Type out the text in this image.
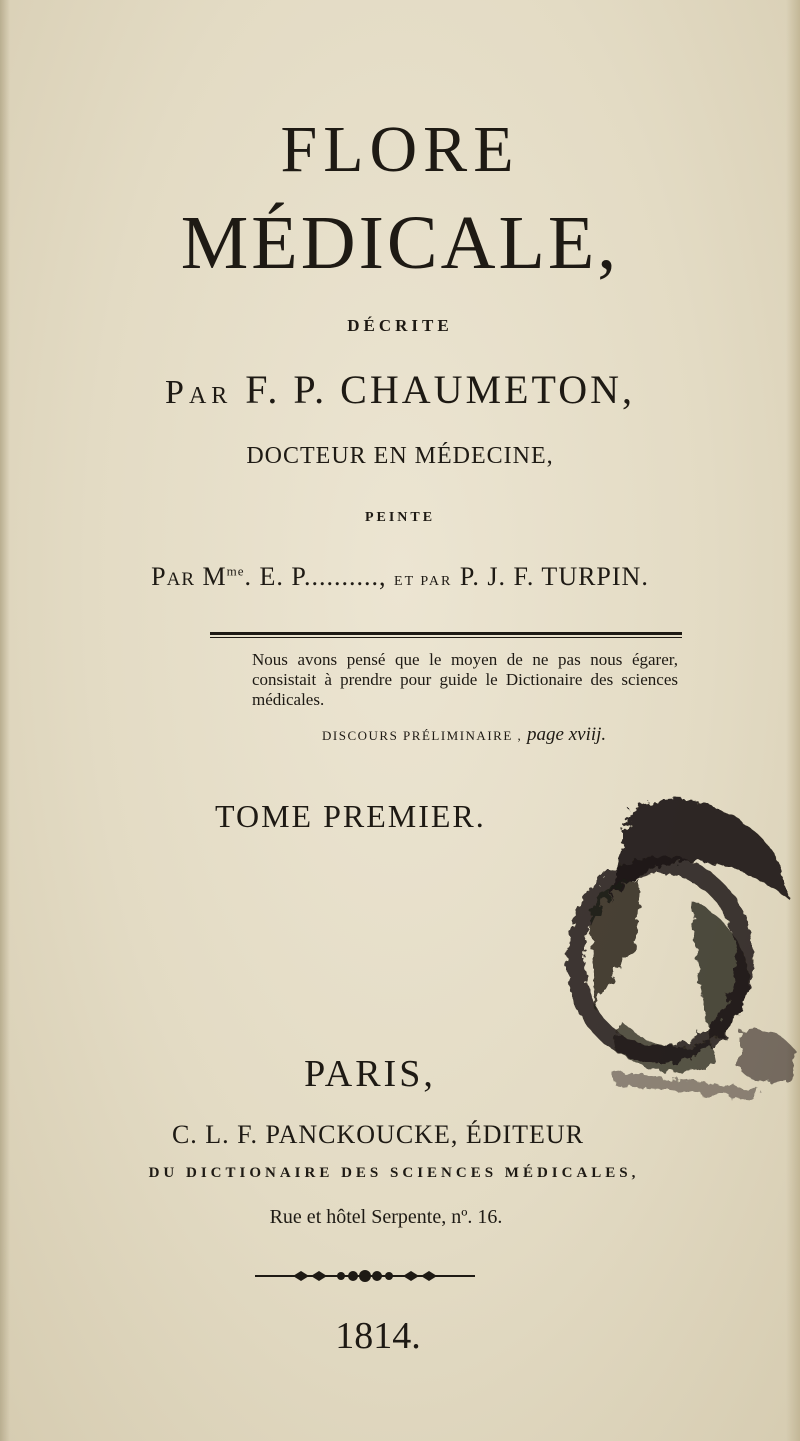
FLORE
MÉDICALE,

DÉCRITE

PAR F. P. CHAUMETON,

DOCTEUR EN MÉDECINE,

PEINTE

PAR $M^{me}$. E. P.........., ET PAR P. J. F. TURPIN.

Nous avons pensé que le moyen de ne pas nous égarer, consistait à prendre pour guide le Dictionaire des sciences médicales.

DISCOURS PRÉLIMINAIRE , page xviij.

TOME PREMIER.

PARIS,

C. L. F. PANCKOUCKE, ÉDITEUR

DU DICTIONAIRE DES SCIENCES MÉDICALES,

Rue et hôtel Serpente, nº. 16.

1814.
